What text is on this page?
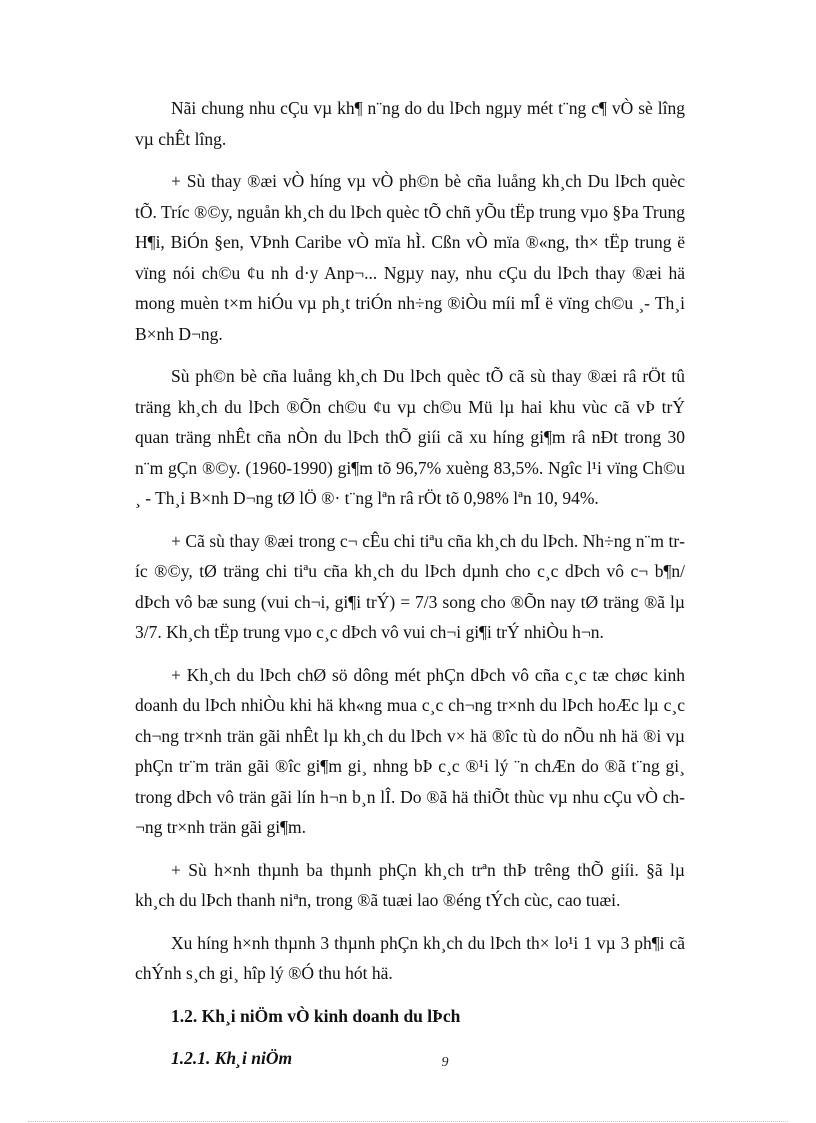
Nãi chung nhu cÇu vµ kh¶ n¨ng do du lÞch ngµy mét t¨ng c¶ vÒ sè lîng vµ chÊt lîng.

+ Sù thay ®æi vÒ híng vµ vÒ ph©n bè cña luång kh¸ch Du lÞch quèc tÕ. Tríc ®©y, nguån kh¸ch du lÞch quèc tÕ chñ yÕu tËp trung vµo §Þa Trung H¶i, BiÓn §en, VÞnh Caribe vÒ mïa hÌ. Cßn vÒ mïa ®«ng, th× tËp trung ë vïng nói ch©u ¢u nh d·y Anp¬... Ngµy nay, nhu cÇu du lÞch thay ®æi hä mong muèn t×m hiÓu vµ ph¸t triÓn nh÷ng ®iÒu míi mÎ ë vïng ch©u ¸- Th¸i B×nh D¬ng.

Sù ph©n bè cña luång kh¸ch Du lÞch quèc tÕ cã sù thay ®æi râ rÖt tû träng kh¸ch du lÞch ®Õn ch©u ¢u vµ ch©u Mü lµ hai khu vùc cã vÞ trÝ quan träng nhÊt cña nÒn du lÞch thÕ giíi cã xu híng gi¶m râ nÐt trong 30 n¨m gÇn ®©y. (1960-1990) gi¶m tõ 96,7% xuèng 83,5%. Ngîc l¹i vïng Ch©u ¸ - Th¸i B×nh D¬ng tØ lÖ ®· t¨ng lªn râ rÖt tõ 0,98% lªn 10, 94%.

+ Cã sù thay ®æi trong c¬ cÊu chi tiªu cña kh¸ch du lÞch. Nh÷ng n¨m tríc ®©y, tØ träng chi tiªu cña kh¸ch du lÞch dµnh cho c¸c dÞch vô c¬ b¶n/ dÞch vô bæ sung (vui ch¬i, gi¶i trÝ) = 7/3 song cho ®Õn nay tØ träng ®ã lµ 3/7. Kh¸ch tËp trung vµo c¸c dÞch vô vui ch¬i gi¶i trÝ nhiÒu h¬n.

+ Kh¸ch du lÞch chØ sö dông mét phÇn dÞch vô cña c¸c tæ chøc kinh doanh du lÞch nhiÒu khi hä kh«ng mua c¸c ch¬ng tr×nh du lÞch hoÆc lµ c¸c ch¬ng tr×nh trän gãi nhÊt lµ kh¸ch du lÞch v× hä ®îc tù do nÕu nh hä ®i vµ phÇn tr¨m trän gãi ®îc gi¶m gi¸ nhng bÞ c¸c ®¹i lý ¨n chÆn do ®ã t¨ng gi¸ trong dÞch vô trän gãi lín h¬n b¸n lÎ. Do ®ã hä thiÕt thùc vµ nhu cÇu vÒ ch¬ng tr×nh trän gãi gi¶m.

+ Sù h×nh thµnh ba thµnh phÇn kh¸ch trªn thÞ trêng thÕ giíi. §ã lµ kh¸ch du lÞch thanh niªn, trong ®ã tuæi lao ®éng tÝch cùc, cao tuæi.

Xu híng h×nh thµnh 3 thµnh phÇn kh¸ch du lÞch th× lo¹i 1 vµ 3 ph¶i cã chÝnh s¸ch gi¸ hîp lý ®Ó thu hót hä.

1.2. Kh¸i niÖm vÒ kinh doanh du lÞch

1.2.1. Kh¸i niÖm	9
